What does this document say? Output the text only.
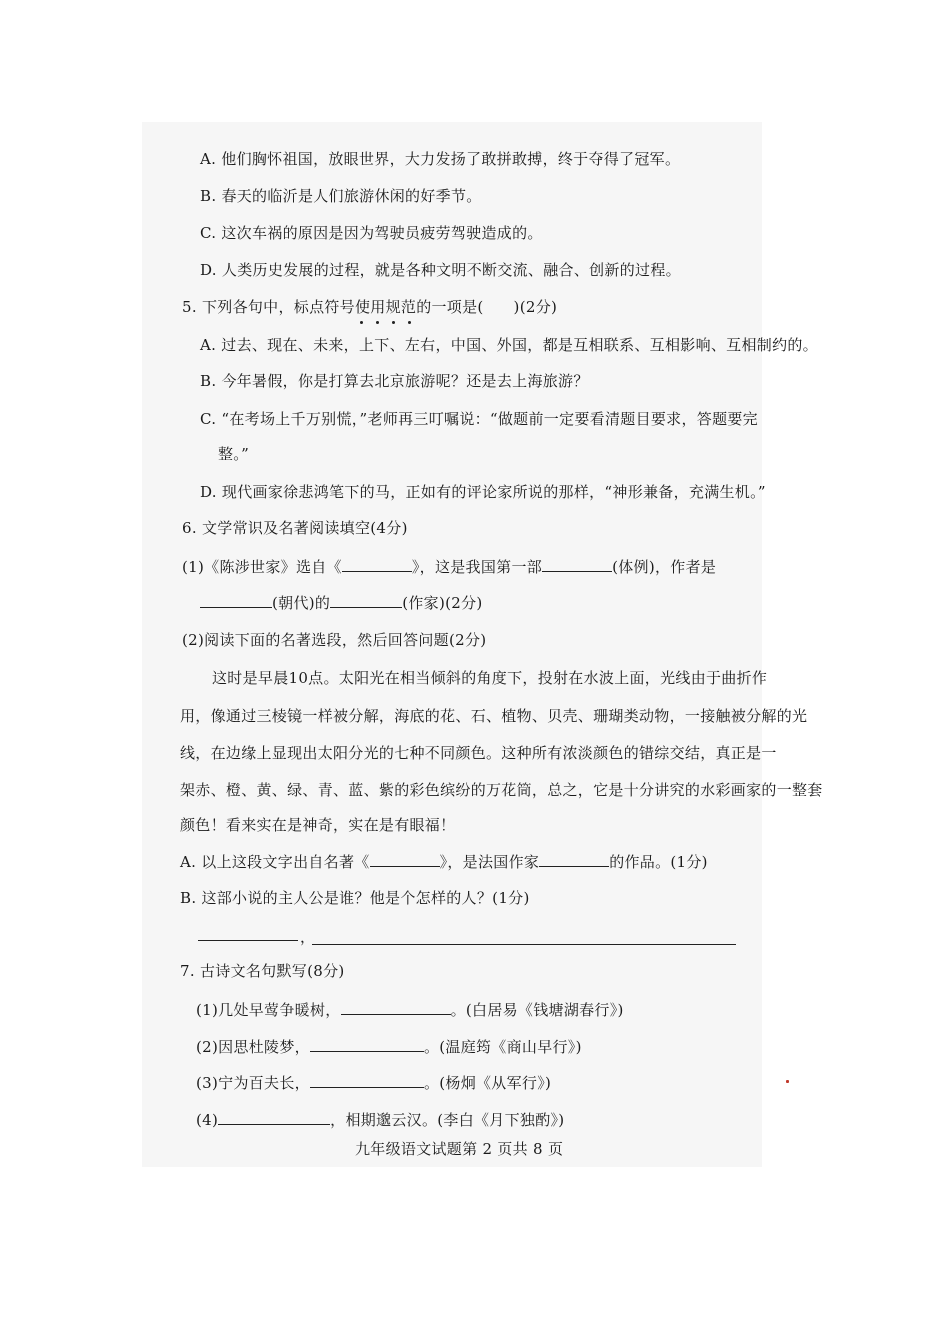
A. 他们胸怀祖国，放眼世界，大力发扬了敢拼敢搏，终于夺得了冠军。
B. 春天的临沂是人们旅游休闲的好季节。
C. 这次车祸的原因是因为驾驶员疲劳驾驶造成的。
D. 人类历史发展的过程，就是各种文明不断交流、融合、创新的过程。
5. 下列各句中，标点符号使用规范
的一项是( )(2分)
A. 过去、现在、未来，上下、左右，中国、外国，都是互相联系、互相影响、互相制约的。
B. 今年暑假，你是打算去北京旅游呢？还是去上海旅游？
C. “在考场上千万别慌，”老师再三叮嘱说：“做题前一定要看清题目要求，答题要完
整。”
D. 现代画家徐悲鸿笔下的马，正如有的评论家所说的那样，“神形兼备，充满生机。”
6. 文学常识及名著阅读填空(4分)
(1)《陈涉世家》选自《	》，这是我国第一部	(体例)，作者是
(朝代)的	(作家)(2分)
(2)阅读下面的名著选段，然后回答问题(2分)
这时是早晨10点。太阳光在相当倾斜的角度下，投射在水波上面，光线由于曲折作
用，像通过三棱镜一样被分解，海底的花、石、植物、贝壳、珊瑚类动物，一接触被分解的光
线，在边缘上显现出太阳分光的七种不同颜色。这种所有浓淡颜色的错综交结，真正是一
架赤、橙、黄、绿、青、蓝、紫的彩色缤纷的万花筒，总之，它是十分讲究的水彩画家的一整套
颜色！看来实在是神奇，实在是有眼福！
A. 以上这段文字出自名著《	》，是法国作家	的作品。(1分)
B. 这部小说的主人公是谁？他是个怎样的人？(1分)
，
7. 古诗文名句默写(8分)
(1)几处早莺争暖树，	。(白居易《钱塘湖春行》)
(2)因思杜陵梦，	。(温庭筠《商山早行》)
(3)宁为百夫长，	。(杨炯《从军行》)
(4)	，相期邈云汉。(李白《月下独酌》)
九年级语文试题第 2 页共 8 页
